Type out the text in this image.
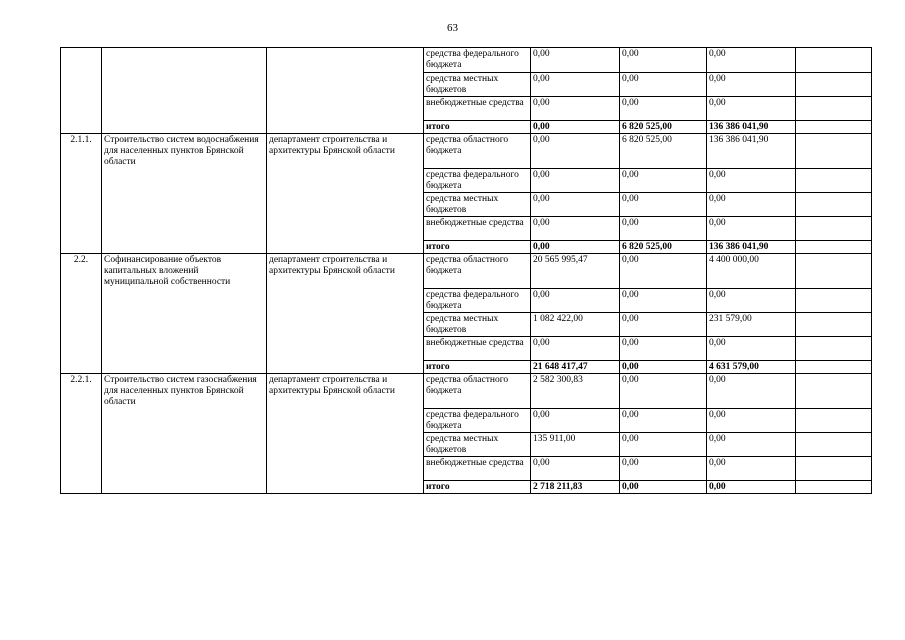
63
			средства федерального бюджета	0,00	0,00	0,00	
			средства местных бюджетов	0,00	0,00	0,00	
			внебюджетные средства	0,00	0,00	0,00	
			итого	0,00	6 820 525,00	136 386 041,90	
2.1.1.	Строительство систем водоснабжения для населенных пунктов Брянской области	департамент строительства и архитектуры Брянской области	средства областного бюджета	0,00	6 820 525,00	136 386 041,90	
			средства федерального бюджета	0,00	0,00	0,00	
			средства местных бюджетов	0,00	0,00	0,00	
			внебюджетные средства	0,00	0,00	0,00	
			итого	0,00	6 820 525,00	136 386 041,90	
2.2.	Софинансирование объектов капитальных вложений муниципальной собственности	департамент строительства и архитектуры Брянской области	средства областного бюджета	20 565 995,47	0,00	4 400 000,00	
			средства федерального бюджета	0,00	0,00	0,00	
			средства местных бюджетов	1 082 422,00	0,00	231 579,00	
			внебюджетные средства	0,00	0,00	0,00	
			итого	21 648 417,47	0,00	4 631 579,00	
2.2.1.	Строительство систем газоснабжения для населенных пунктов Брянской области	департамент строительства и архитектуры Брянской области	средства областного бюджета	2 582 300,83	0,00	0,00	
			средства федерального бюджета	0,00	0,00	0,00	
			средства местных бюджетов	135 911,00	0,00	0,00	
			внебюджетные средства	0,00	0,00	0,00	
			итого	2 718 211,83	0,00	0,00	
